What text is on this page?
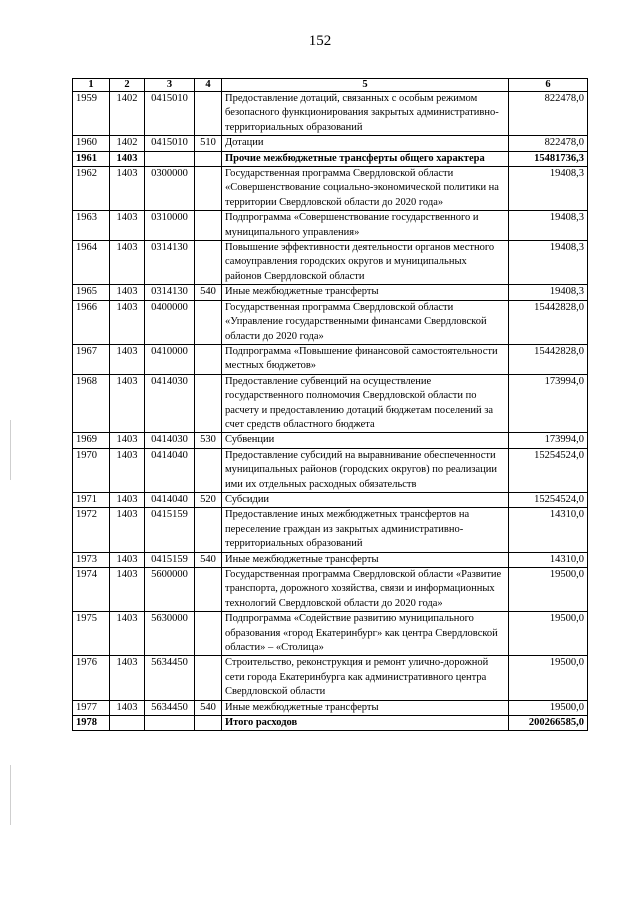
152
1	2	3	4	5	6
1959	1402	0415010		Предоставление дотаций, связанных с особым режимом безопасного функционирования закрытых административно-территориальных образований	822478,0
1960	1402	0415010	510	Дотации	822478,0
1961	1403			Прочие межбюджетные трансферты общего характера	15481736,3
1962	1403	0300000		Государственная программа Свердловской области «Совершенствование социально-экономической политики на территории Свердловской области до 2020 года»	19408,3
1963	1403	0310000		Подпрограмма «Совершенствование государственного и муниципального управления»	19408,3
1964	1403	0314130		Повышение эффективности деятельности органов местного самоуправления городских округов и муниципальных районов Свердловской области	19408,3
1965	1403	0314130	540	Иные межбюджетные трансферты	19408,3
1966	1403	0400000		Государственная программа Свердловской области «Управление государственными финансами Свердловской области до 2020 года»	15442828,0
1967	1403	0410000		Подпрограмма «Повышение финансовой самостоятельности местных бюджетов»	15442828,0
1968	1403	0414030		Предоставление субвенций на осуществление государственного полномочия Свердловской области по расчету и предоставлению дотаций бюджетам поселений за счет средств областного бюджета	173994,0
1969	1403	0414030	530	Субвенции	173994,0
1970	1403	0414040		Предоставление субсидий на выравнивание обеспеченности муниципальных районов (городских округов) по реализации ими их отдельных расходных обязательств	15254524,0
1971	1403	0414040	520	Субсидии	15254524,0
1972	1403	0415159		Предоставление иных межбюджетных трансфертов на переселение граждан из закрытых административно-территориальных образований	14310,0
1973	1403	0415159	540	Иные межбюджетные трансферты	14310,0
1974	1403	5600000		Государственная программа Свердловской области «Развитие транспорта, дорожного хозяйства, связи и информационных технологий Свердловской области до 2020 года»	19500,0
1975	1403	5630000		Подпрограмма «Содействие развитию муниципального образования «город Екатеринбург» как центра Свердловской области» – «Столица»	19500,0
1976	1403	5634450		Строительство, реконструкция и ремонт улично-дорожной сети города Екатеринбурга как административного центра Свердловской области	19500,0
1977	1403	5634450	540	Иные межбюджетные трансферты	19500,0
1978				Итого расходов	200266585,0
